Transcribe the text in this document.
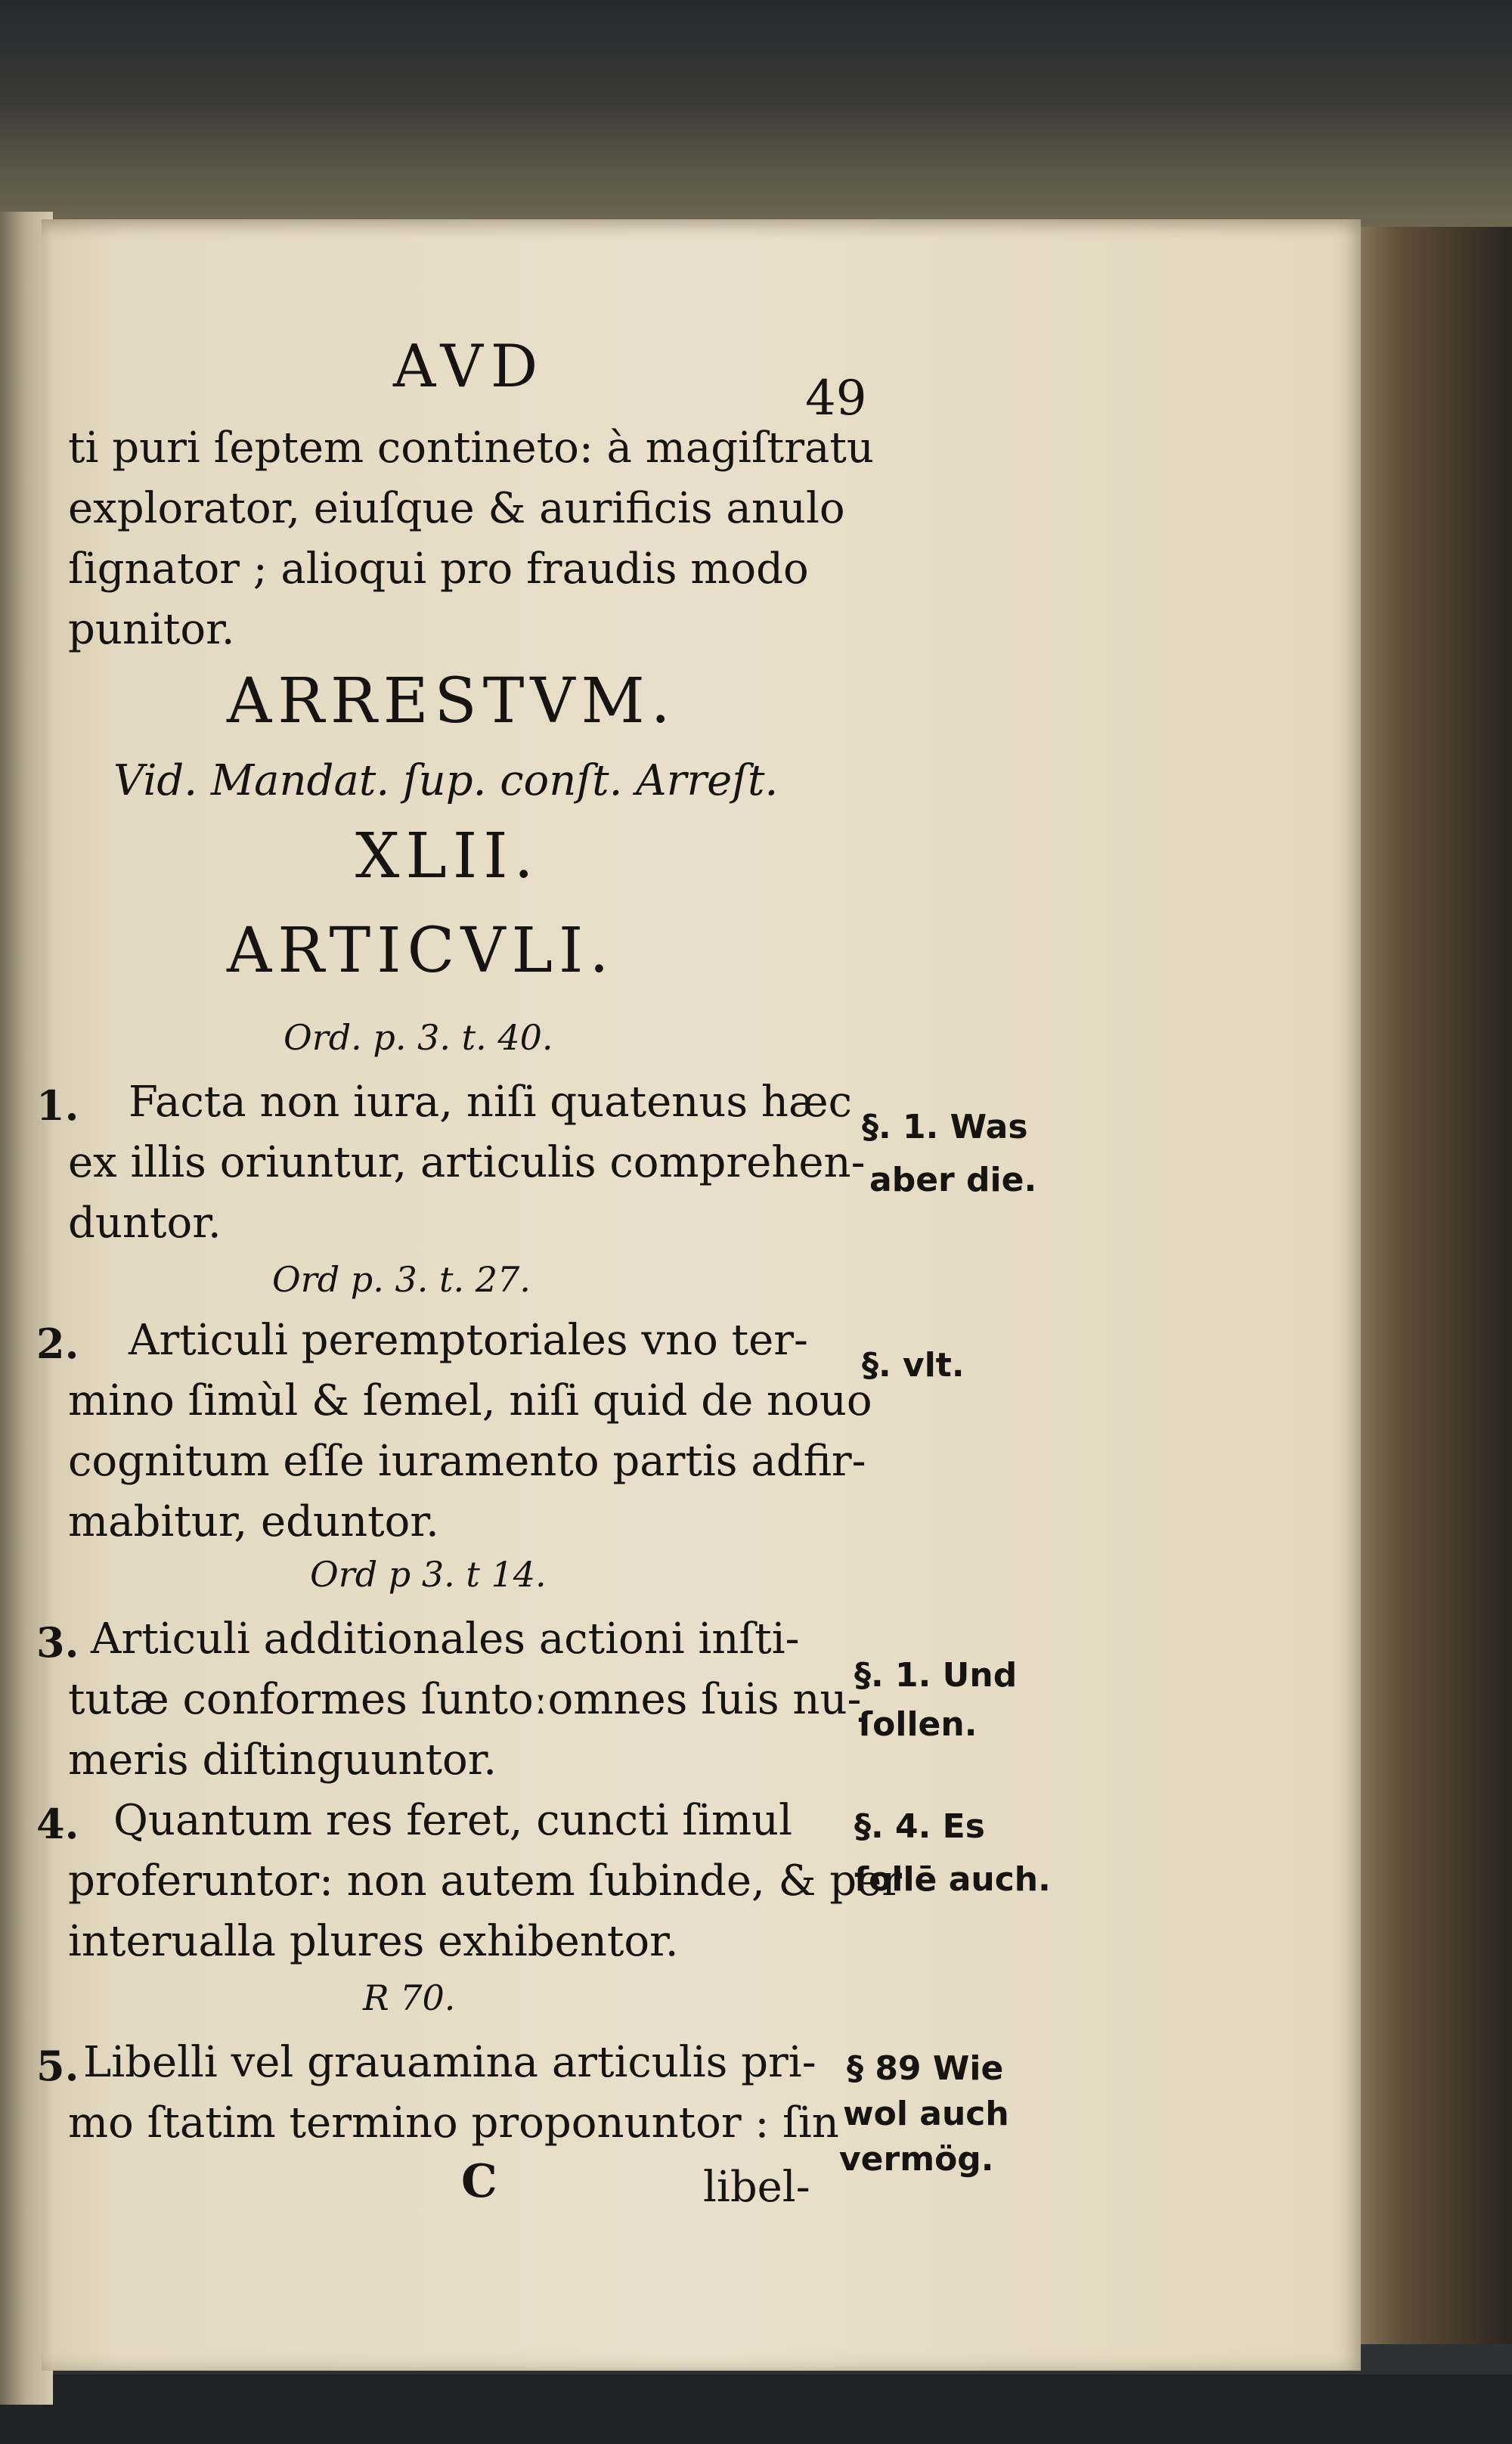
AVD	49
ti puri ſeptem contineto: à magiſtratu
explorator, eiuſque & aurificis anulo
ſignator ; alioqui pro fraudis modo
punitor.
ARRESTVM.
Vid. Mandat. ſup. conſt. Arreſt.
XLII.
ARTICVLI.
Ord. p. 3. t. 40.
1. Facta non iura, niſi quatenus hæc
ex illis oriuntur, articulis comprehen-
duntor.
§. 1. Was
aber die.
Ord p. 3. t. 27.
2. Articuli peremptoriales vno ter-
mino ſimùl & ſemel, niſi quid de nouo
cognitum eſſe iuramento partis adfir-
mabitur, eduntor.
§. vlt.
Ord p 3. t 14.
3. Articuli additionales actioni inſti-
tutæ conformes ſuntoːomnes ſuis nu-
meris diſtinguuntor.
§. 1. Und
ſollen.
4. Quantum res feret, cuncti ſimul
proferuntor: non autem ſubinde, & per
interualla plures exhibentor.
§. 4. Es
ſollē auch.
R 70.
5. Libelli vel grauamina articulis pri-
mo ſtatim termino proponuntor : ſin
§ 89 Wie
wol auch
vermög.
C	libel-
